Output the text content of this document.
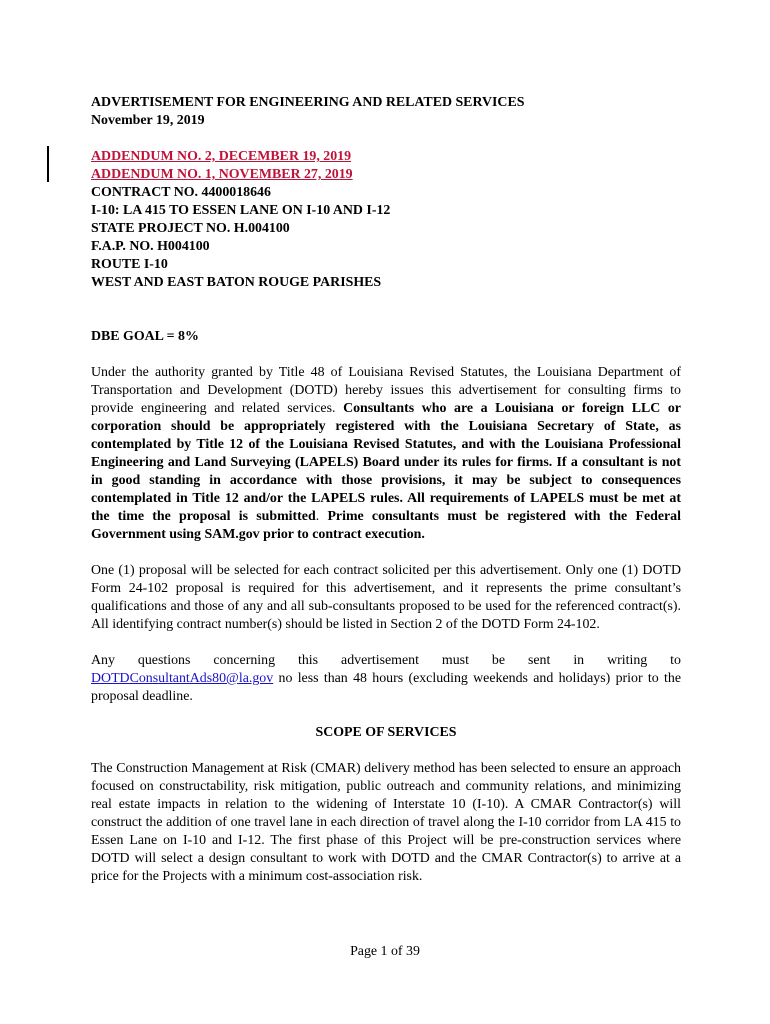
ADVERTISEMENT FOR ENGINEERING AND RELATED SERVICES
November 19, 2019
ADDENDUM NO. 2, DECEMBER 19, 2019
ADDENDUM NO. 1, NOVEMBER 27, 2019
CONTRACT NO. 4400018646
I-10: LA 415 TO ESSEN LANE ON I-10 AND I-12
STATE PROJECT NO. H.004100
F.A.P. NO. H004100
ROUTE I-10
WEST AND EAST BATON ROUGE PARISHES
DBE GOAL = 8%

Under the authority granted by Title 48 of Louisiana Revised Statutes, the Louisiana Department of Transportation and Development (DOTD) hereby issues this advertisement for consulting firms to provide engineering and related services. Consultants who are a Louisiana or foreign LLC or corporation should be appropriately registered with the Louisiana Secretary of State, as contemplated by Title 12 of the Louisiana Revised Statutes, and with the Louisiana Professional Engineering and Land Surveying (LAPELS) Board under its rules for firms. If a consultant is not in good standing in accordance with those provisions, it may be subject to consequences contemplated in Title 12 and/or the LAPELS rules. All requirements of LAPELS must be met at the time the proposal is submitted. Prime consultants must be registered with the Federal Government using SAM.gov prior to contract execution.

One (1) proposal will be selected for each contract solicited per this advertisement. Only one (1) DOTD Form 24-102 proposal is required for this advertisement, and it represents the prime consultant’s qualifications and those of any and all sub-consultants proposed to be used for the referenced contract(s). All identifying contract number(s) should be listed in Section 2 of the DOTD Form 24-102.

Any questions concerning this advertisement must be sent in writing to

DOTDConsultantAds80@la.gov no less than 48 hours (excluding weekends and holidays) prior to the proposal deadline.

SCOPE OF SERVICES

The Construction Management at Risk (CMAR) delivery method has been selected to ensure an approach focused on constructability, risk mitigation, public outreach and community relations, and minimizing real estate impacts in relation to the widening of Interstate 10 (I-10). A CMAR Contractor(s) will construct the addition of one travel lane in each direction of travel along the I-10 corridor from LA 415 to Essen Lane on I-10 and I-12. The first phase of this Project will be pre-construction services where DOTD will select a design consultant to work with DOTD and the CMAR Contractor(s) to arrive at a price for the Projects with a minimum cost-association risk.

Page 1 of 39
